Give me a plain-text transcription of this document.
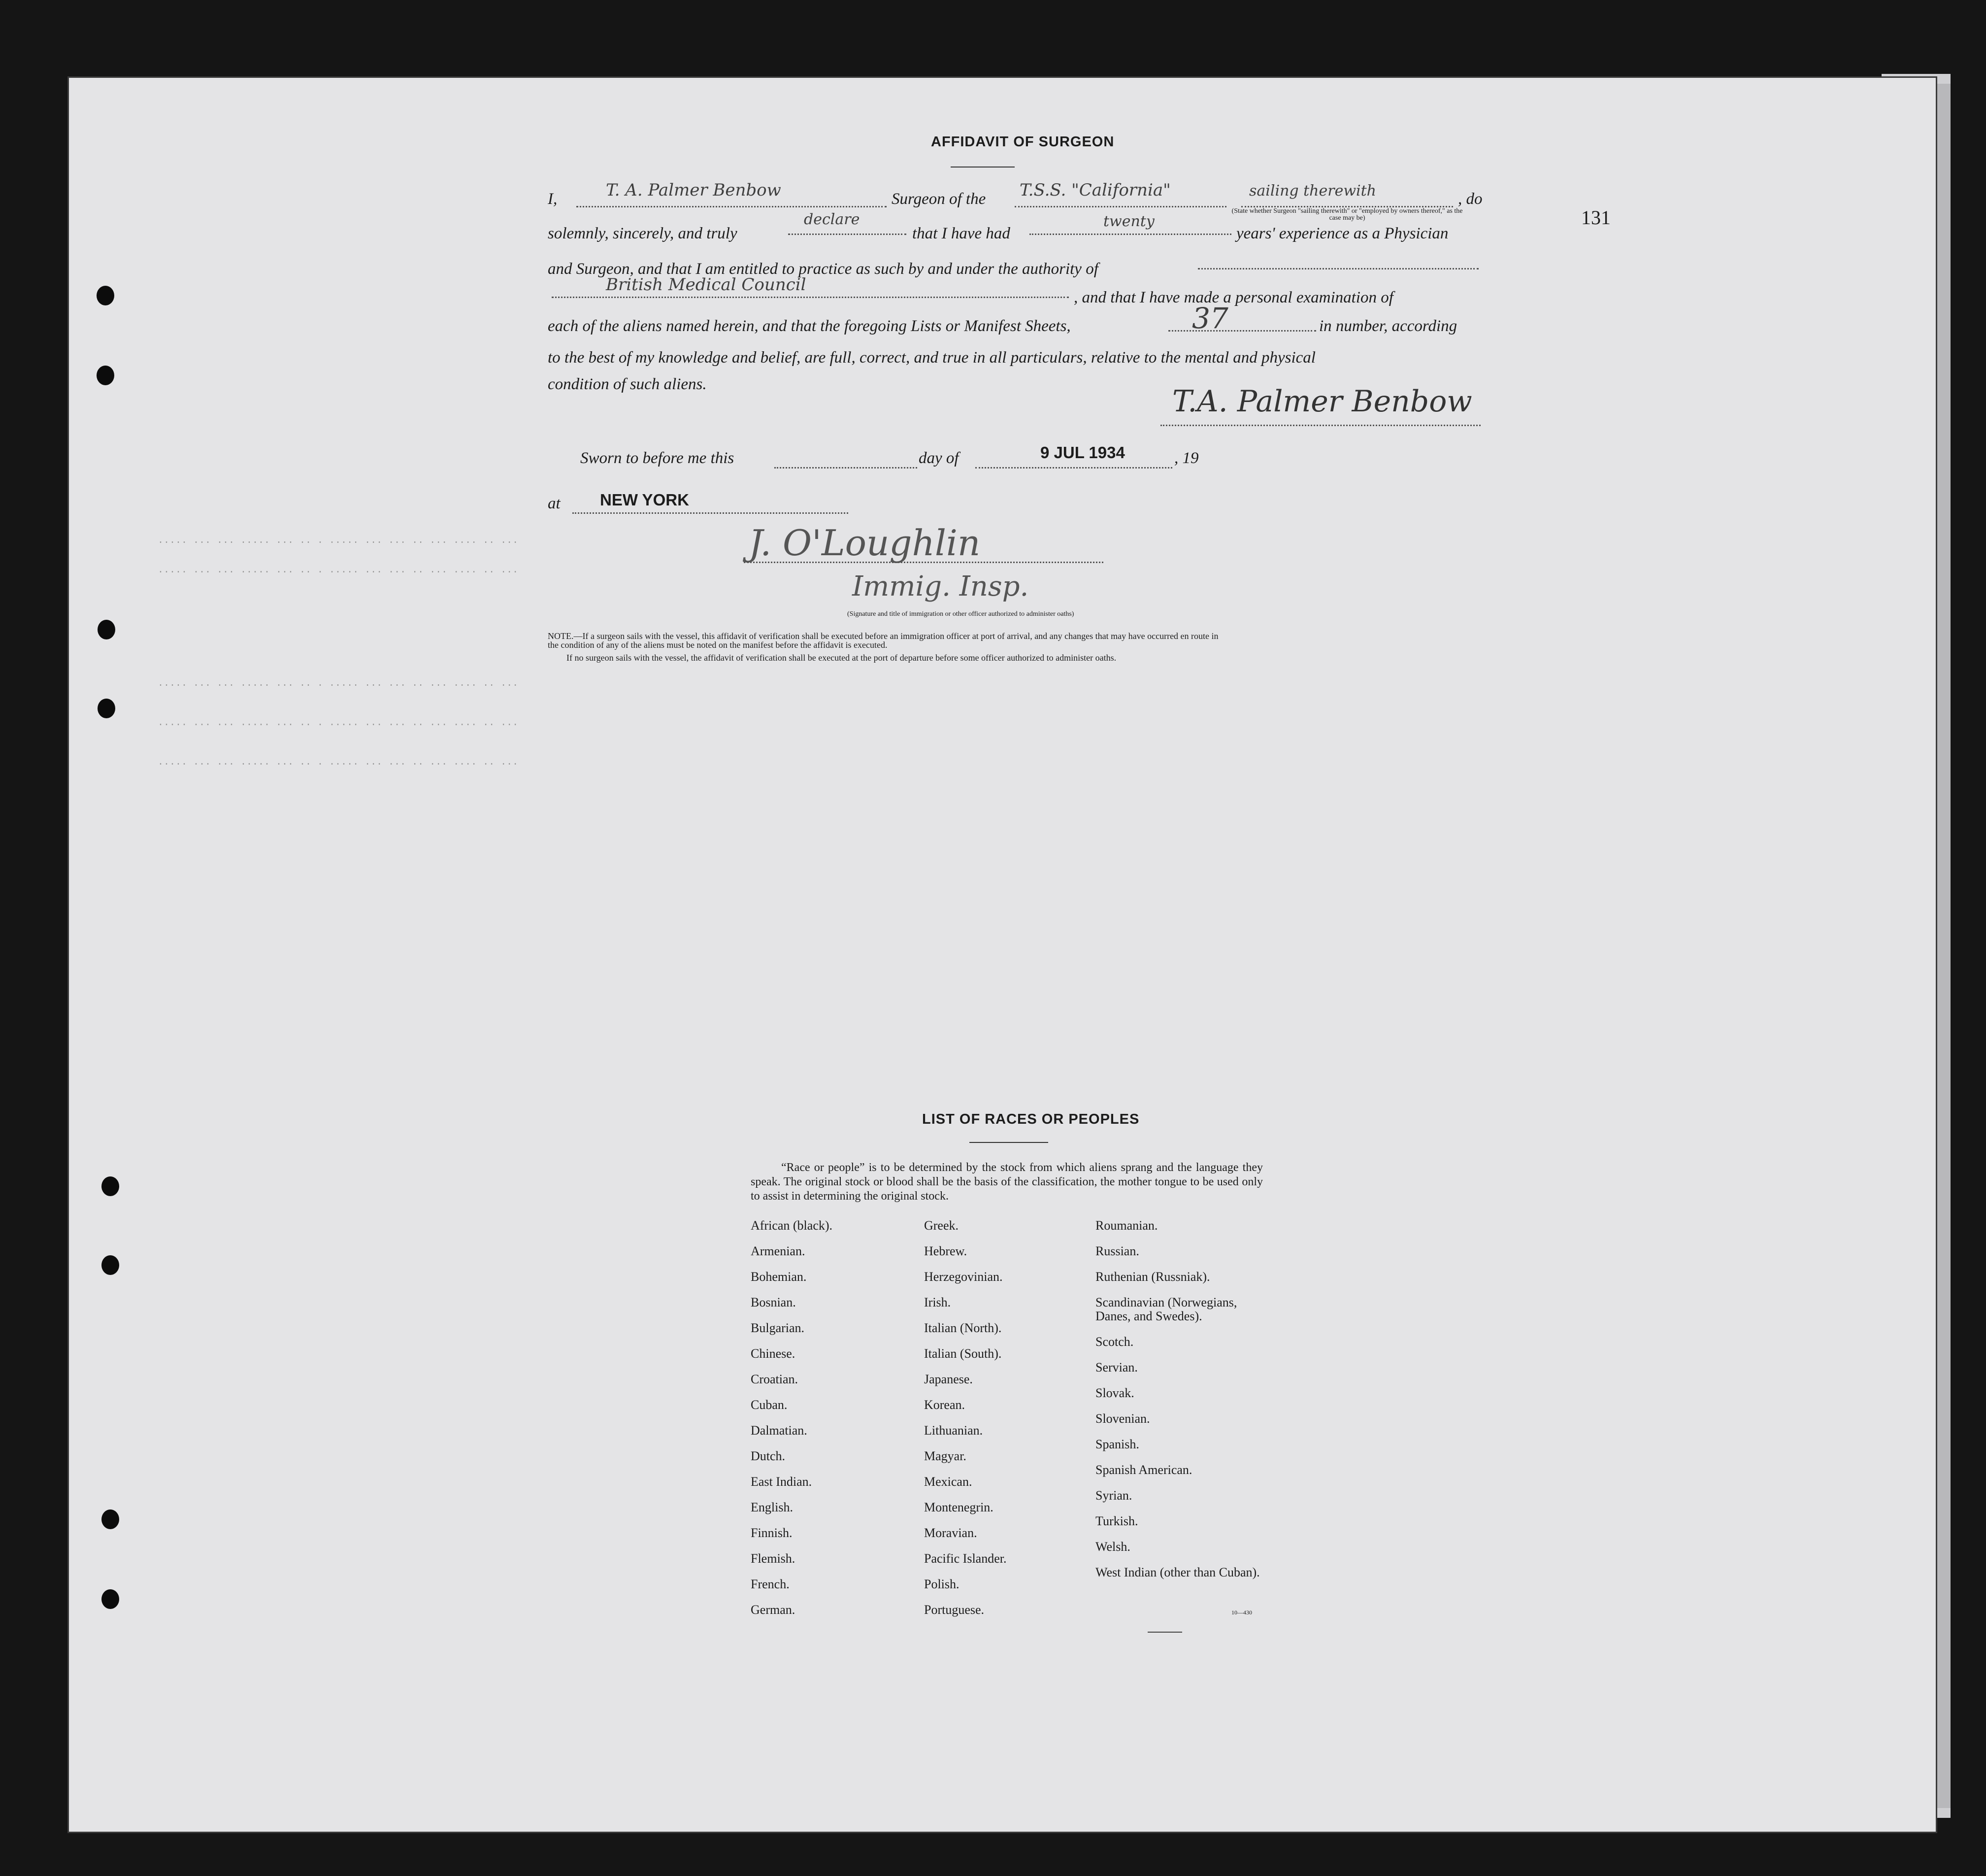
····· ··· ··· ····· ··· ·· · ····· ··· ··· ·· ··· ···· ·· ···
····· ··· ··· ····· ··· ·· · ····· ··· ··· ·· ··· ···· ·· ···
····· ··· ··· ····· ··· ·· · ····· ··· ··· ·· ··· ···· ·· ···
····· ··· ··· ····· ··· ·· · ····· ··· ··· ·· ··· ···· ·· ···
····· ··· ··· ····· ··· ·· · ····· ··· ··· ·· ··· ···· ·· ···
131
AFFIDAVIT OF SURGEON
I,	Surgeon of the	, do
solemnly, sincerely, and truly	that I have had	years' experience as a Physician
and Surgeon, and that I am entitled to practice as such by and under the authority of
, and that I have made a personal examination of
each of the aliens named herein, and that the foregoing Lists or Manifest Sheets,	in number, according
to the best of my knowledge and belief, are full, correct, and true in all particulars, relative to the mental and physical
condition of such aliens.
T. A. Palmer Benbow	T.S.S. "California"	sailing therewith
(State whether Surgeon "sailing therewith" or "employed by owners thereof," as the case may be)
declare	twenty
British Medical Council
37
T.A. Palmer Benbow
Sworn to before me this	day of	9 JUL 1934	, 19
at NEW YORK
J. O'Loughlin
Immig. Insp.
(Signature and title of immigration or other officer authorized to administer oaths)
NOTE.—If a surgeon sails with the vessel, this affidavit of verification shall be executed before an immigration officer at port of arrival, and any changes that may have occurred en route in
the condition of any of the aliens must be noted on the manifest before the affidavit is executed.
If no surgeon sails with the vessel, the affidavit of verification shall be executed at the port of departure before some officer authorized to administer oaths.
LIST OF RACES OR PEOPLES
“Race or people” is to be determined by the stock from which aliens sprang and the language they speak. The original stock or blood shall be the basis of the classification, the mother tongue to be used only to assist in determining the original stock.
African (black).
Armenian.
Bohemian.
Bosnian.
Bulgarian.
Chinese.
Croatian.
Cuban.
Dalmatian.
Dutch.
East Indian.
English.
Finnish.
Flemish.
French.
German.
Greek.
Hebrew.
Herzegovinian.
Irish.
Italian (North).
Italian (South).
Japanese.
Korean.
Lithuanian.
Magyar.
Mexican.
Montenegrin.
Moravian.
Pacific Islander.
Polish.
Portuguese.
Roumanian.
Russian.
Ruthenian (Russniak).
Scandinavian (Norwegians, Danes, and Swedes).
Scotch.
Servian.
Slovak.
Slovenian.
Spanish.
Spanish American.
Syrian.
Turkish.
Welsh.
West Indian (other than Cuban).
10—430
